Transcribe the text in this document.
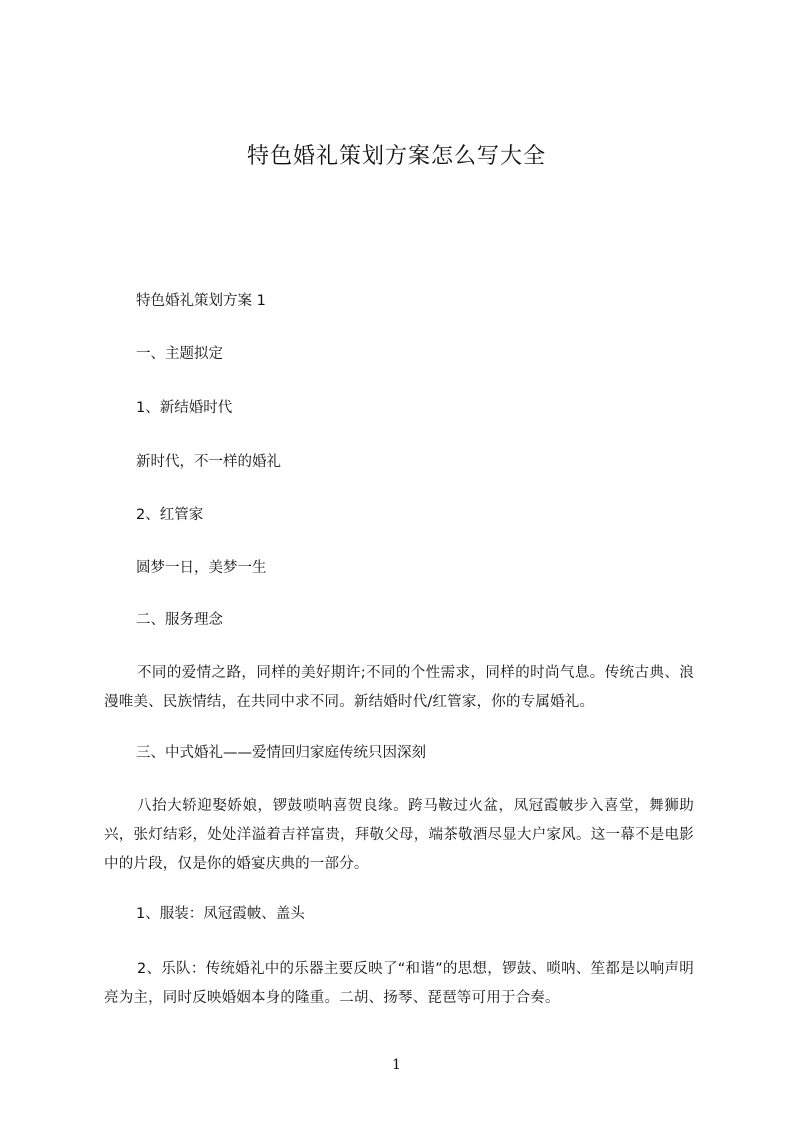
特色婚礼策划方案怎么写大全
特色婚礼策划方案 1
一、主题拟定
1、新结婚时代
新时代，不一样的婚礼
2、红管家
圆梦一日，美梦一生
二、服务理念
不同的爱情之路，同样的美好期许;不同的个性需求，同样的时尚气息。传统古典、浪漫唯美、民族情结，在共同中求不同。新结婚时代/红管家，你的专属婚礼。
三、中式婚礼——爱情回归家庭传统只因深刻
八抬大轿迎娶娇娘，锣鼓唢呐喜贺良缘。跨马鞍过火盆，凤冠霞帔步入喜堂，舞狮助兴，张灯结彩，处处洋溢着吉祥富贵，拜敬父母，端茶敬酒尽显大户家风。这一幕不是电影中的片段，仅是你的婚宴庆典的一部分。
1、服装：凤冠霞帔、盖头
2、乐队：传统婚礼中的乐器主要反映了“和谐”的思想，锣鼓、唢呐、笙都是以响声明亮为主，同时反映婚姻本身的隆重。二胡、扬琴、琵琶等可用于合奏。
1
